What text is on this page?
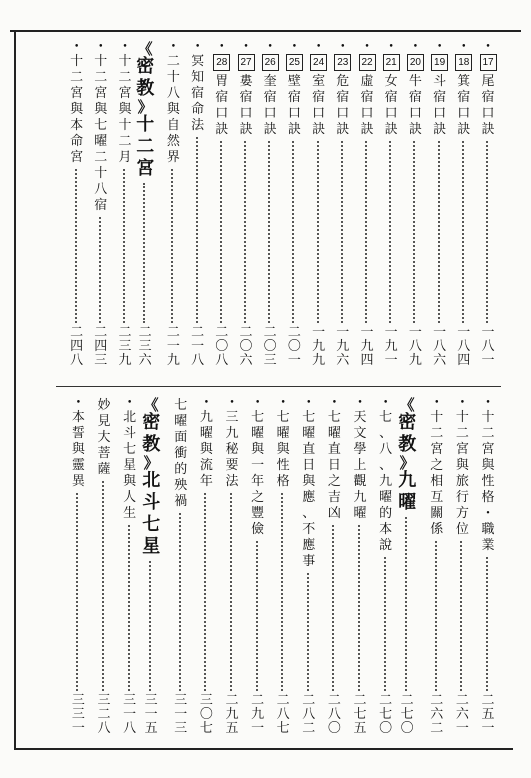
•
17
尾
宿
口
訣
一
八
一
•
18
箕
宿
口
訣
一
八
四
•
19
斗
宿
口
訣
一
八
六
•
20
牛
宿
口
訣
一
八
九
•
21
女
宿
口
訣
一
九
一
•
22
虛
宿
口
訣
一
九
四
•
23
危
宿
口
訣
一
九
六
•
24
室
宿
口
訣
一
九
九
•
25
壁
宿
口
訣
二
〇
一
•
26
奎
宿
口
訣
二
〇
三
•
27
婁
宿
口
訣
二
〇
六
•
28
胃
宿
口
訣
二
〇
八
•
冥
知
宿
命
法
二
一
八
•
二
十
八
與
自
然
界
二
一
九
《
密
教
》
十
二
宮
二
三
六
•
十
二
宮
與
十
二
月
二
三
九
•
十
二
宮
與
七
曜
二
十
八
宿
二
四
三
•
十
二
宮
與
本
命
宮
二
四
八
•
十
二
宮
與
性
格
・
職
業
二
五
一
•
十
二
宮
與
旅
行
方
位
二
六
一
•
十
二
宮
之
相
互
關
係
二
六
二
《
密
教
》
九
曜
二
七
〇
•
七
、
八
、
九
曜
的
本
說
二
七
〇
•
天
文
學
上
觀
九
曜
二
七
五
•
七
曜
直
日
之
吉
凶
二
八
〇
•
七
曜
直
日
與
應
、
不
應
事
二
八
二
•
七
曜
與
性
格
二
八
七
•
七
曜
與
一
年
之
豐
儉
二
九
一
•
三
九
秘
要
法
二
九
五
•
九
曜
與
流
年
三
〇
七
七
曜
面
衝
的
殃
禍
三
一
三
《
密
教
》
北
斗
七
星
三
一
五
•
北
斗
七
星
與
人
生
三
一
八
妙
見
大
菩
薩
三
二
八
•
本
誓
與
靈
異
三
三
一
